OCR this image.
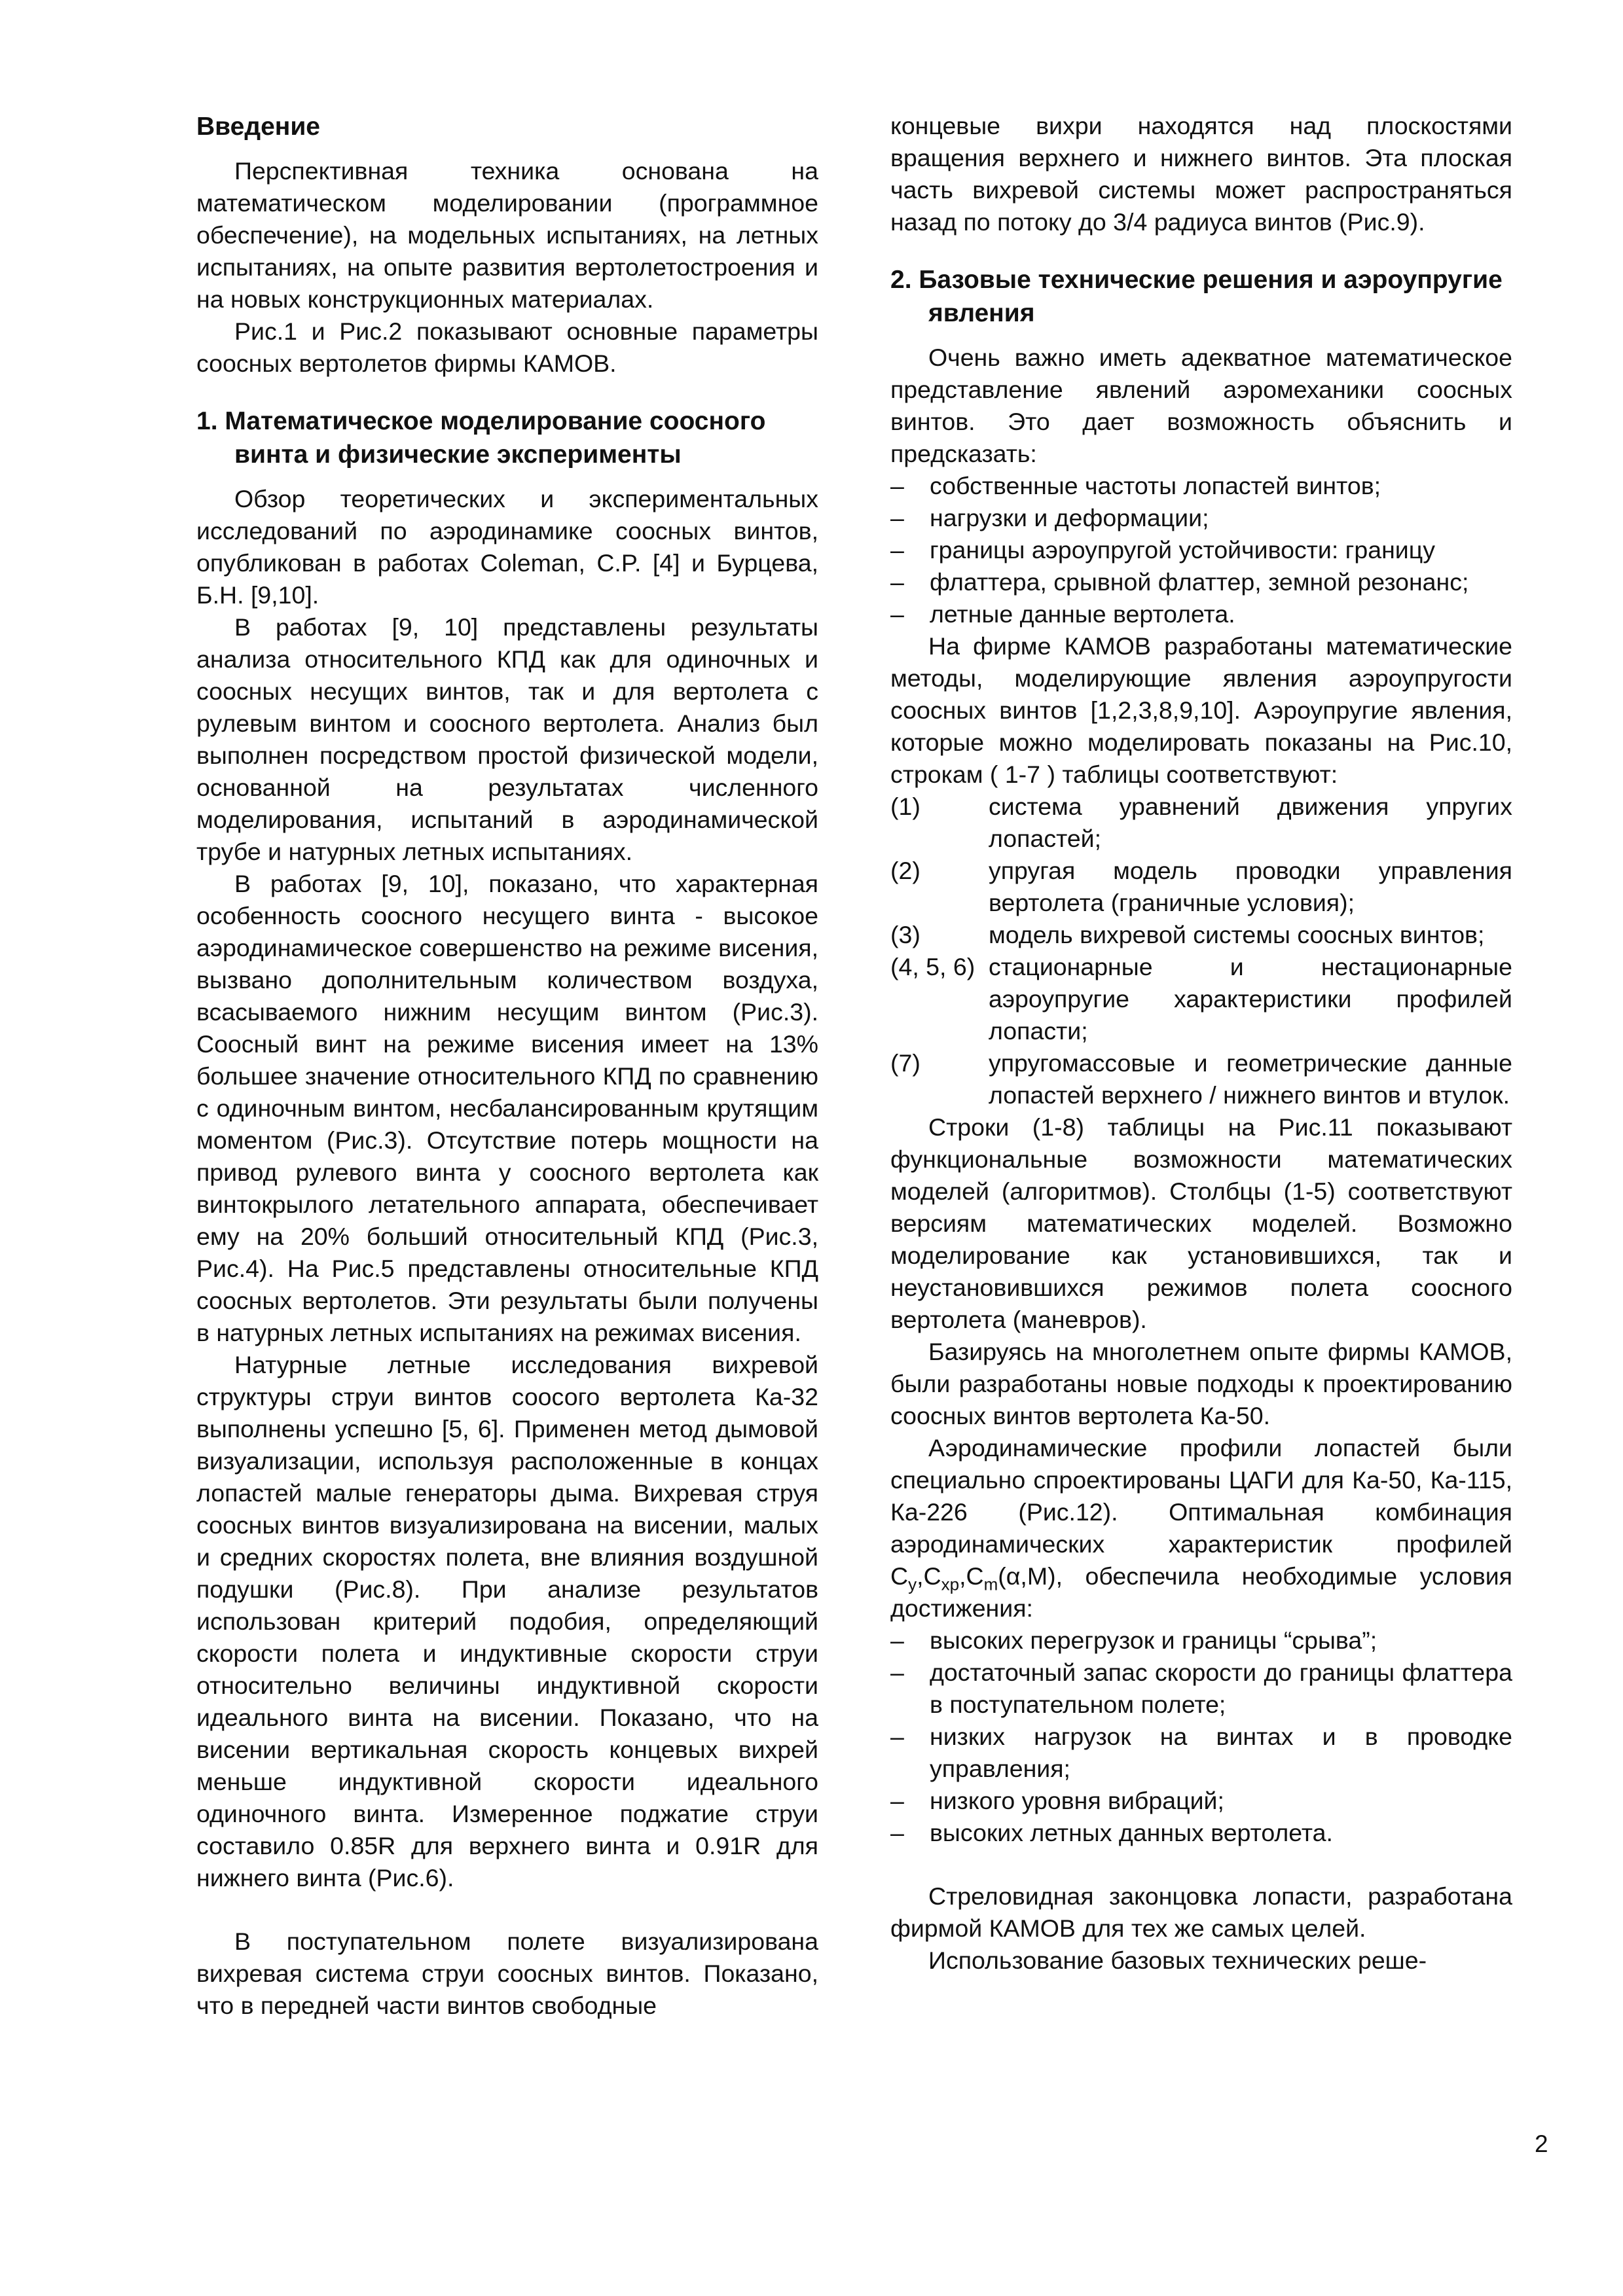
Введение

Перспективная техника основана на математическом моделировании (программное обеспечение), на модельных испытаниях, на летных испытаниях, на опыте развития вертолетостроения и на новых конструкционных материалах.

Рис.1 и Рис.2 показывают основные параметры соосных вертолетов фирмы КАМОВ.

1. Математическое моделирование соосного винта и физические эксперименты

Обзор теоретических и экспериментальных исследований по аэродинамике соосных винтов, опубликован в работах Coleman, C.P. [4] и Бурцева, Б.Н. [9,10].

В работах [9, 10] представлены результаты анализа относительного КПД как для одиночных и соосных несущих винтов, так и для вертолета с рулевым винтом и соосного вертолета. Анализ был выполнен посредством простой физической модели, основанной на результатах численного моделирования, испытаний в аэродинамической трубе и натурных летных испытаниях.

В работах [9, 10], показано, что характерная особенность соосного несущего винта - высокое аэродинамическое совершенство на режиме висения, вызвано дополнительным количеством воздуха, всасываемого нижним несущим винтом (Рис.3). Соосный винт на режиме висения имеет на 13% большее значение относительного КПД по сравнению с одиночным винтом, несбалансированным крутящим моментом (Рис.3). Отсутствие потерь мощности на привод рулевого винта у соосного вертолета как винтокрылого летательного аппарата, обеспечивает ему на 20% больший относительный КПД (Рис.3, Рис.4). На Рис.5 представлены относительные КПД соосных вертолетов. Эти результаты были получены в натурных летных испытаниях на режимах висения.

Натурные летные исследования вихревой структуры струи винтов соосого вертолета Ка-32 выполнены успешно [5, 6]. Применен метод дымовой визуализации, используя расположенные в концах лопастей малые генераторы дыма. Вихревая струя соосных винтов визуализирована на висении, малых и средних скоростях полета, вне влияния воздушной подушки (Рис.8). При анализе результатов использован критерий подобия, определяющий скорости полета и индуктивные скорости струи относительно величины индуктивной скорости идеального винта на висении. Показано, что на висении вертикальная скорость концевых вихрей меньше индуктивной скорости идеального одиночного винта. Измеренное поджатие струи составило 0.85R для верхнего винта и 0.91R для нижнего винта (Рис.6).

В поступательном полете визуализирована вихревая система струи соосных винтов. Показано, что в передней части винтов свободные

концевые вихри находятся над плоскостями вращения верхнего и нижнего винтов. Эта плоская часть вихревой системы может распространяться назад по потоку до 3/4 радиуса винтов (Рис.9).

2. Базовые технические решения и аэроупругие явления

Очень важно иметь адекватное математическое представление явлений аэромеханики соосных винтов. Это дает возможность объяснить и предсказать:

– собственные частоты лопастей винтов;
– нагрузки и деформации;
– границы аэроупругой устойчивости: границу
– флаттера, срывной флаттер, земной резонанс;
– летные данные вертолета.

На фирме КАМОВ разработаны математические методы, моделирующие явления аэроупругости соосных винтов [1,2,3,8,9,10]. Аэроупругие явления, которые можно моделировать показаны на Рис.10, строкам ( 1-7 ) таблицы соответствуют:

(1)	система уравнений движения упругих лопастей;
(2)	упругая модель проводки управления вертолета (граничные условия);
(3)	модель вихревой системы соосных винтов;
(4, 5, 6) стационарные и нестационарные аэроупругие характеристики профилей лопасти;
(7)	упругомассовые и геометрические данные лопастей верхнего / нижнего винтов и втулок.

Строки (1-8) таблицы на Рис.11 показывают функциональные возможности математических моделей (алгоритмов). Столбцы (1-5) соответствуют версиям математических моделей. Возможно моделирование как установившихся, так и неустановившихся режимов полета соосного вертолета (маневров).

Базируясь на многолетнем опыте фирмы КАМОВ, были разработаны новые подходы к проектированию соосных винтов вертолета Ка-50.

Аэродинамические профили лопастей были специально спроектированы ЦАГИ для Ка-50, Ка-115, Ка-226 (Рис.12). Оптимальная комбинация аэродинамических характеристик профилей $C_y,C_{xp},C_m(\alpha,M)$, обеспечила необходимые условия достижения:

– высоких перегрузок и границы “срыва”;
– достаточный запас скорости до границы флаттера в поступательном полете;
– низких нагрузок на винтах и в проводке управления;
– низкого уровня вибраций;
– высоких летных данных вертолета.

Стреловидная законцовка лопасти, разработана фирмой КАМОВ для тех же самых целей.

Использование базовых технических реше-

2
